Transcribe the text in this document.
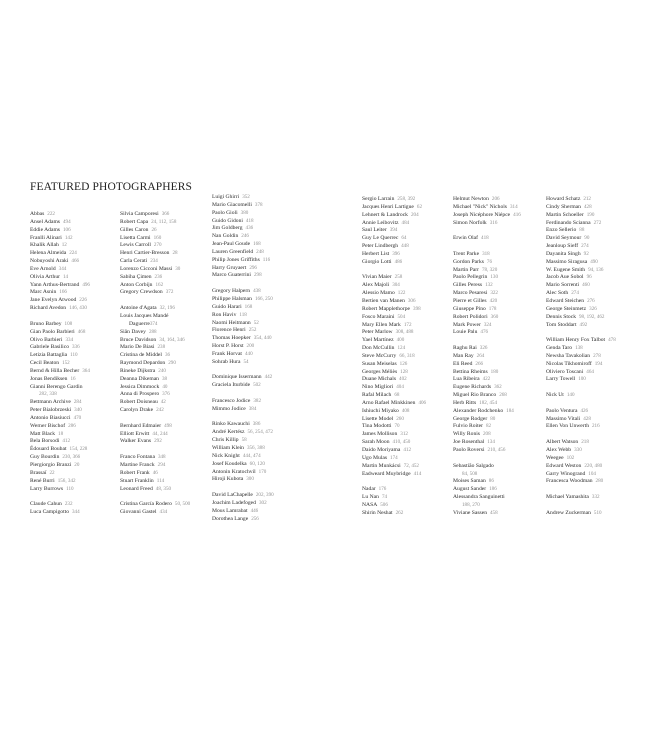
FEATURED PHOTOGRAPHERS
Abbas 222
Ansel Adams 494
Eddie Adams 106
Franlli Alinari 142
Khalik Allah 12
Helena Almeida 224
Nobuyoshi Araki 466
Eve Arnold 344
Olivia Arthur 14
Yann Arthus-Bertrand 496
Marc Asnin 166
Jane Evelyn Atwood 226
Richard Avedon 146, 430
Bruno Barbey 108
Gian Paolo Barbieri 468
Olivo Barbieri 334
Gabriele Basilico 336
Letizia Battaglia 110
Cecil Beaton 152
Bernd & Hilla Becher 364
Jonas Bendiksen 16
Gianni Berengo Gardin
282, 338
Bettmann Archive 284
Peter Bialobrzeski 340
Antonio Biasiucci 470
Werner Bischof 286
Matt Black 18
Bela Borsodi 412
Édouard Boubat 154, 228
Guy Bourdin 230, 366
Piergiorgio Branzi 20
Brassaï 22
René Burri 156, 342
Larry Burrows 110
Claude Cahun 232
Luca Campigotto 344
Silvia Camporesi 366
Robert Capa 24, 112, 158
Gilles Caron 26
Lisetta Carmi 160
Lewis Carroll 270
Henri Cartier-Bresson 28
Carla Cerati 234
Lorenzo Cicconi Massi 30
Sabiha Çimen 236
Anton Corbijn 162
Gregory Crewdson 372
Antoine d'Agata 32, 196
Louis Jacques Mandé
Daguerre374
Siân Davey 288
Bruce Davidson 34, 164, 346
Mario De Biasi 238
Cristina de Middel 36
Raymond Depardon 290
Rineke Dijkstra 240
Deanna Dikeman 38
Jessica Dimmock 40
Anna di Prospero 376
Robert Doisneau 42
Carolyn Drake 242
Bernhard Edmaier 498
Elliott Erwitt 44, 244
Walker Evans 292
Franco Fontana 348
Martine Franck 294
Robert Frank 46
Stuart Franklin 114
Leonard Freed 48, 350
Cristina García Rodero 50, 500
Giovanni Gastel 434
Luigi Ghirri 352
Mario Giacomelli 378
Paolo Gioli 380
Guido Gidoni 418
Jim Goldberg 436
Nan Goldin 246
Jean-Paul Goude 168
Lauren Greenfield 248
Philip Jones Griffiths 116
Harry Gruyaert 296
Marco Guaterrini 298
Gregory Halpern 438
Philippe Halsman 166, 250
Guido Harari 168
Ron Haviv 118
Naomi Heitmann 52
Florence Henri 252
Thomas Hoepker 354, 440
Horst P. Horst 200
Frank Horvat 440
Sohrab Hura 54
Dominique Issermann 442
Graciela Iturbide 502
Francesco Jodice 382
Mimmo Jodice 384
Rinko Kawauchi 386
André Kertész 56, 254, 472
Chris Killip 58
William Klein 356, 388
Nick Knight 444, 474
Josef Koudelka 60, 120
Antonin Kratochvil 170
Hiroji Kubota 300
David LaChapelle 202, 390
Joachim Ladefoged 302
Mous Lamrabat 446
Dorothea Lange 256
Sergio Larrain 258, 392
Jacques Henri Lartigue 62
Lehnert & Landrock 204
Annie Leibovitz 484
Saul Leiter 394
Guy Le Querrec 64
Peter Lindbergh 448
Herbert List 396
Giorgio Lotti 486
Vivian Maier 258
Alex Majoli 304
Alessio Mamo 122
Bertien van Manen 306
Robert Mapplethorpe 398
Fosco Maraini 504
Mary Ellen Mark 172
Peter Marlow 308, 488
Yael Martínez 400
Don McCullin 124
Steve McCurry 66, 318
Susan Meiselas 126
Georges Méliès 128
Duane Michals 402
Nino Migliori 404
Rafal Milach 68
Arno Rafael Minkkinen 406
Ishiuchi Miyako 408
Lisette Model 260
Tina Modotti 70
James Mollison 312
Sarah Moon 410, 450
Daido Moriyama 412
Ugo Mulas 174
Martin Munkácsi 72, 452
Eadweard Muybridge 414
Nadar 176
Lu Nan 74
NASA 506
Shirin Neshat 262
Helmut Newton 206
Michael "Nick" Nichols 314
Joseph Nicéphore Niépce 416
Simon Norfolk 316
Erwin Olaf 418
Trent Parke 318
Gordon Parks 76
Martin Parr 78, 320
Paolo Pellegrin 130
Gilles Peress 132
Marco Pesaresi 322
Pierre et Gilles 420
Giuseppe Pino 178
Robert Polidori 360
Mark Power 324
Louie Palu 476
Raghu Rai 326
Man Ray 264
Eli Reed 266
Bettina Rheims 180
Lua Ribeira 422
Eugene Richards 362
Miguel Rio Branco 268
Herb Ritts 182, 454
Alexander Rodchenko 184
George Rodger 80
Fulvio Roiter 82
Willy Ronis 208
Joe Rosenthal 134
Paolo Roversi 210, 456
Sebastião Salgado
84, 508
Moises Saman 86
August Sander 186
Alessandra Sanguinetti
188, 270
Viviane Sassen 458
Howard Schatz 212
Cindy Sherman 428
Martin Schoeller 190
Ferdinando Scianna 272
Enzo Sellerio 88
David Seymour 90
Jeanloup Sieff 274
Dayanita Singh 92
Massimo Siragusa 490
W. Eugene Smith 94, 136
Jacob Aue Sobol 96
Mario Sorrenti 460
Alec Soth 274
Edward Steichen 276
George Steinmetz 326
Dennis Stock 98, 192, 462
Tom Stoddart 492
William Henry Fox Talbot 478
Genda Taro 138
Newsha Tavakolian 278
Nicolas Tikhomiroff 194
Oliviero Toscani 464
Larry Towell 100
Nick Ut 140
Paolo Ventura 426
Massimo Vitali 428
Ellen Von Unwerth 216
Albert Watson 218
Alex Webb 330
Weegee 102
Edward Weston 220, 480
Garry Winogrand 104
Francesca Woodman 280
Michael Yamashita 332
Andrew Zuckerman 510
